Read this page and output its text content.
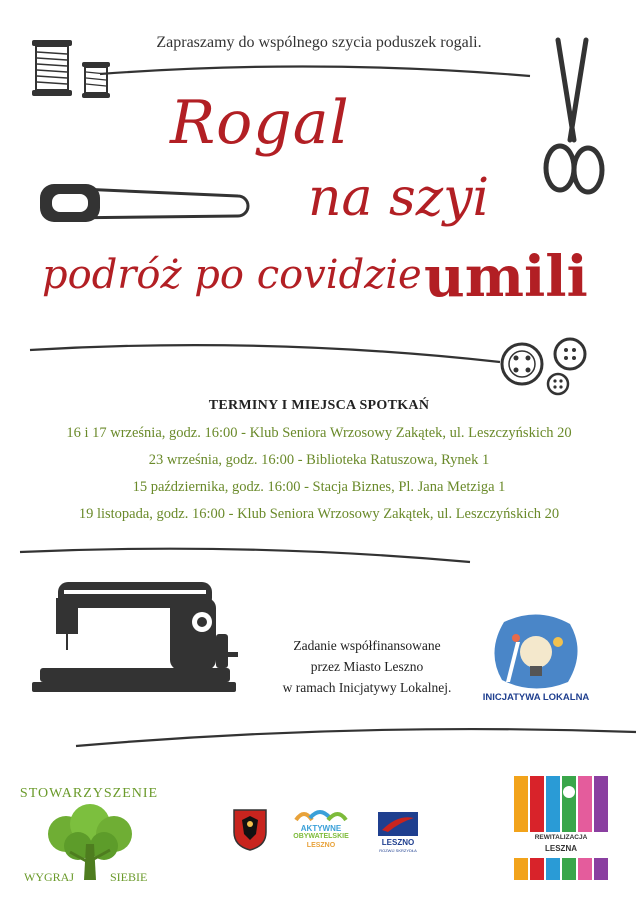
Zapraszamy do wspólnego szycia poduszek rogali.
Rogal
na szyi
podróż po covidzie umili
TERMINY I MIEJSCA SPOTKAŃ
16 i 17 września, godz. 16:00 - Klub Seniora Wrzosowy Zakątek, ul. Leszczyńskich 20
23 września, godz. 16:00 - Biblioteka Ratuszowa, Rynek 1
15 października, godz. 16:00 - Stacja Biznes, Pl. Jana Metziga 1
19 listopada, godz. 16:00 - Klub Seniora Wrzosowy Zakątek, ul. Leszczyńskich 20
Zadanie współfinansowane
przez Miasto Leszno
w ramach Inicjatywy Lokalnej.
INICJATYWA LOKALNA
STOWARZYSZENIE
WYGRAJ	SIEBIE
AKTYWNE
OBYWATELSKIE
LESZNO	LESZNO
ROZWIJ SKRZYDŁA
REWITALIZACJA
LESZNA
